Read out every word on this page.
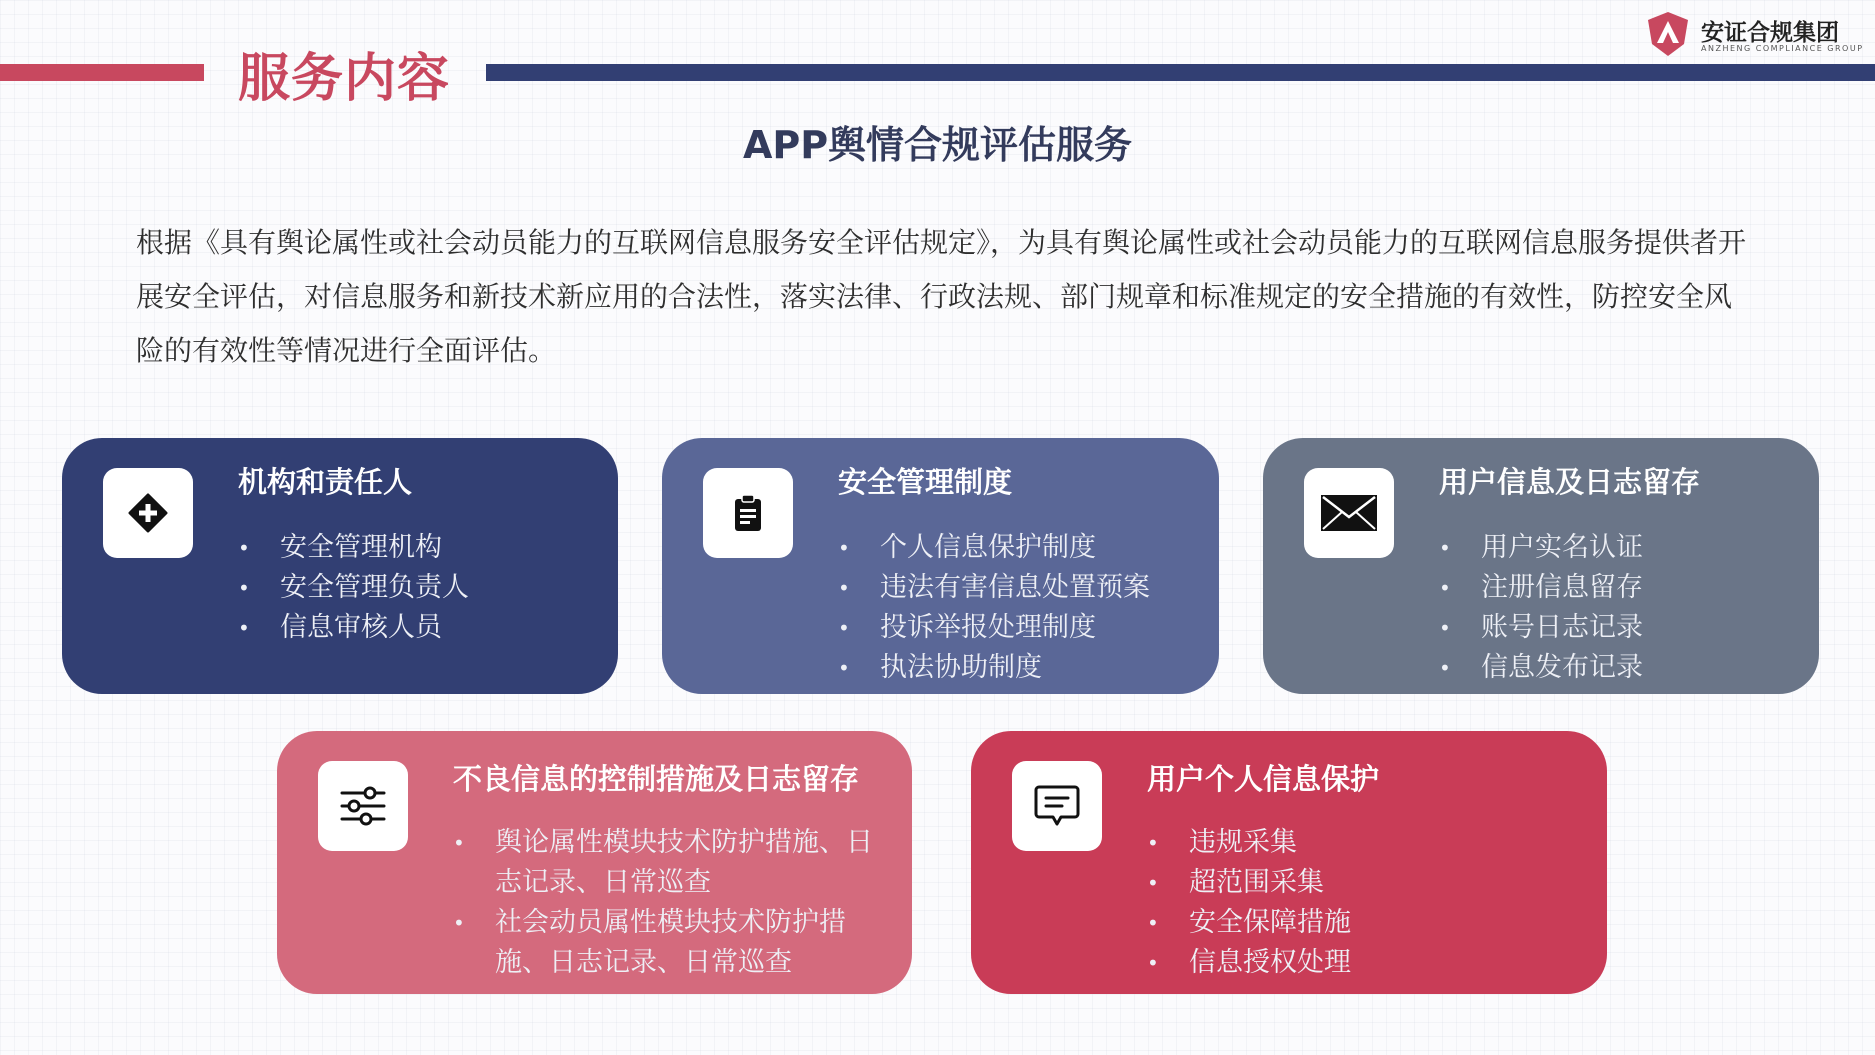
服务内容
安证合规集团
ANZHENG COMPLIANCE GROUP
APP舆情合规评估服务
根据《具有舆论属性或社会动员能力的互联网信息服务安全评估规定》，为具有舆论属性或社会动员能力的互联网信息服务提供者开展安全评估，对信息服务和新技术新应用的合法性，落实法律、行政法规、部门规章和标准规定的安全措施的有效性，防控安全风险的有效性等情况进行全面评估。
机构和责任人
• 安全管理机构
• 安全管理负责人
• 信息审核人员
安全管理制度
• 个人信息保护制度
• 违法有害信息处置预案
• 投诉举报处理制度
• 执法协助制度
用户信息及日志留存
• 用户实名认证
• 注册信息留存
• 账号日志记录
• 信息发布记录
不良信息的控制措施及日志留存
• 舆论属性模块技术防护措施、日志记录、日常巡查
• 社会动员属性模块技术防护措施、日志记录、日常巡查
用户个人信息保护
• 违规采集
• 超范围采集
• 安全保障措施
• 信息授权处理
